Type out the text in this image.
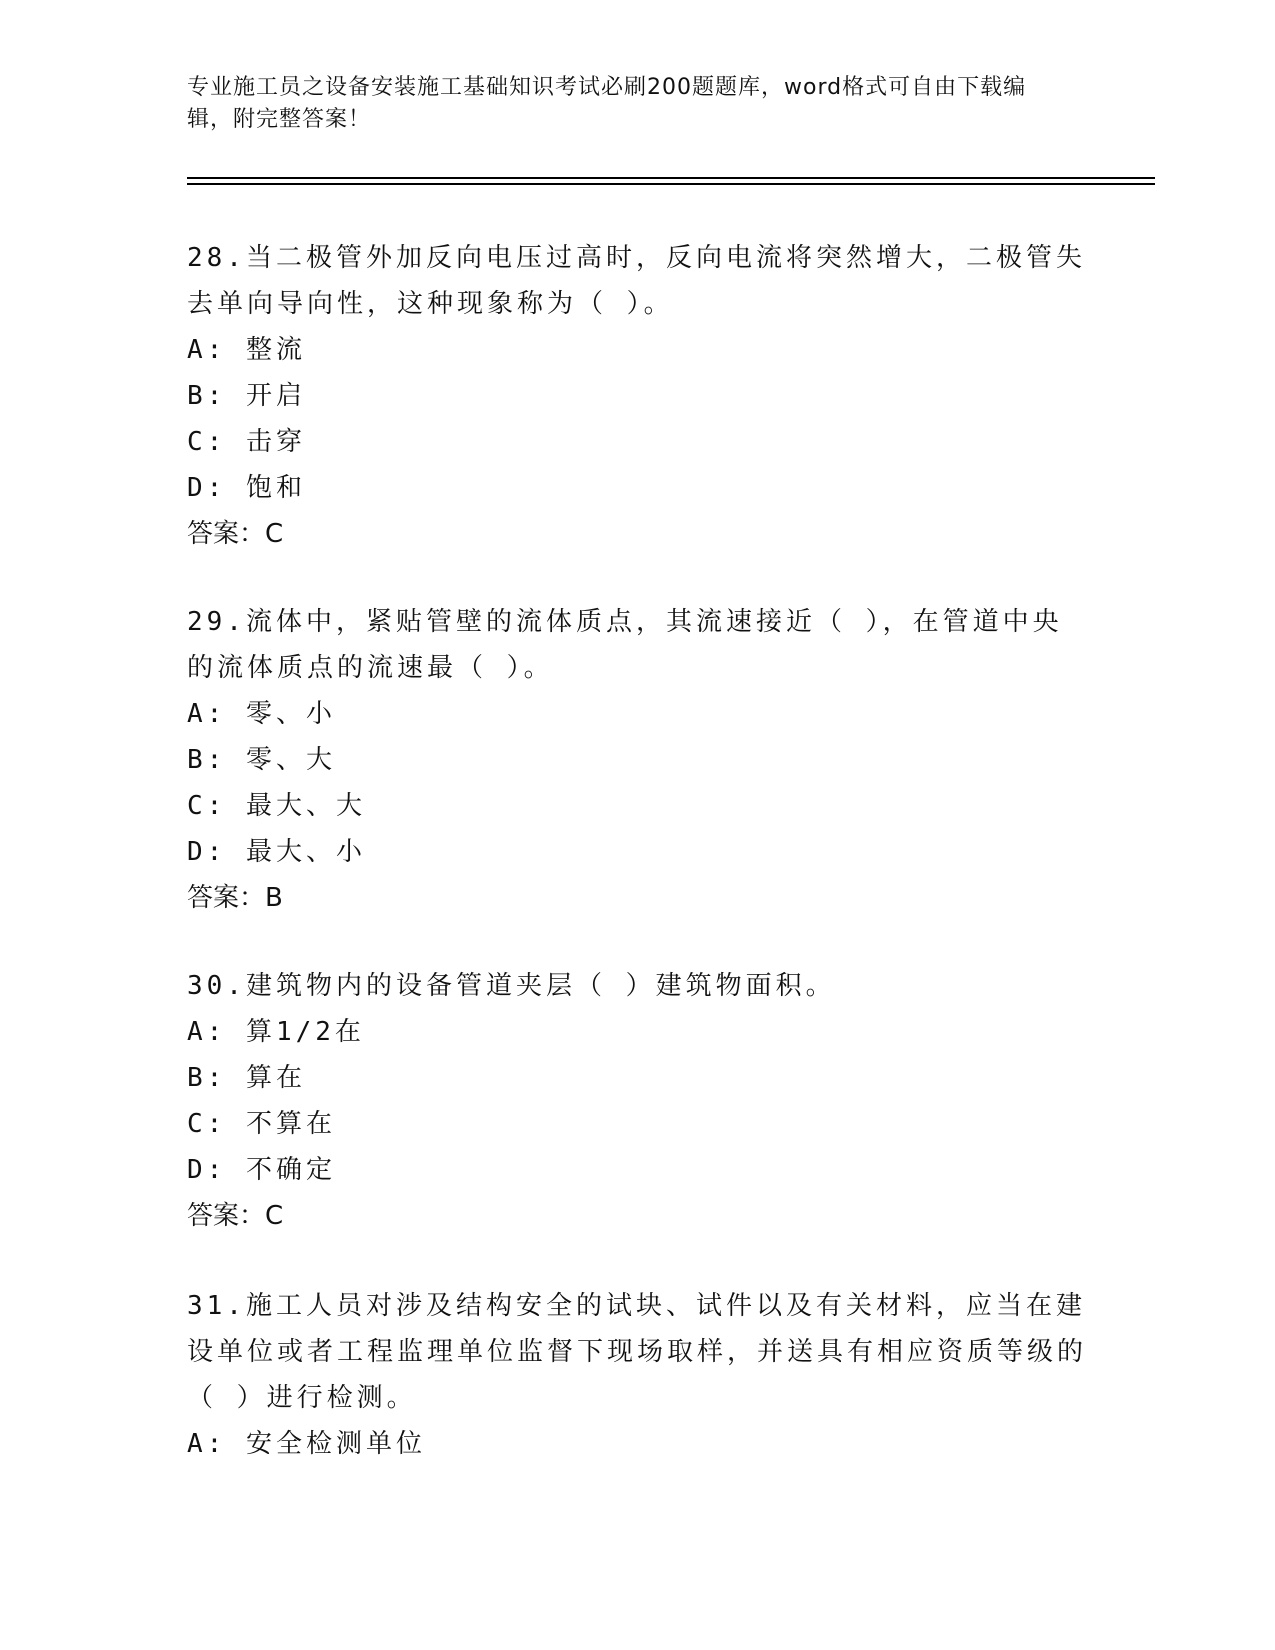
专业施工员之设备安装施工基础知识考试必刷200题题库，word格式可自由下载编辑，附完整答案！

28.当二极管外加反向电压过高时，反向电流将突然增大，二极管失去单向导向性，这种现象称为（ ）。

A: 整流

B: 开启

C: 击穿

D: 饱和

答案：C

29.流体中，紧贴管壁的流体质点，其流速接近（ ），在管道中央的流体质点的流速最（ ）。

A: 零、小

B: 零、大

C: 最大、大

D: 最大、小

答案：B

30.建筑物内的设备管道夹层（ ）建筑物面积。

A: 算1/2在

B: 算在

C: 不算在

D: 不确定

答案：C

31.施工人员对涉及结构安全的试块、试件以及有关材料，应当在建设单位或者工程监理单位监督下现场取样，并送具有相应资质等级的（ ）进行检测。

A: 安全检测单位
